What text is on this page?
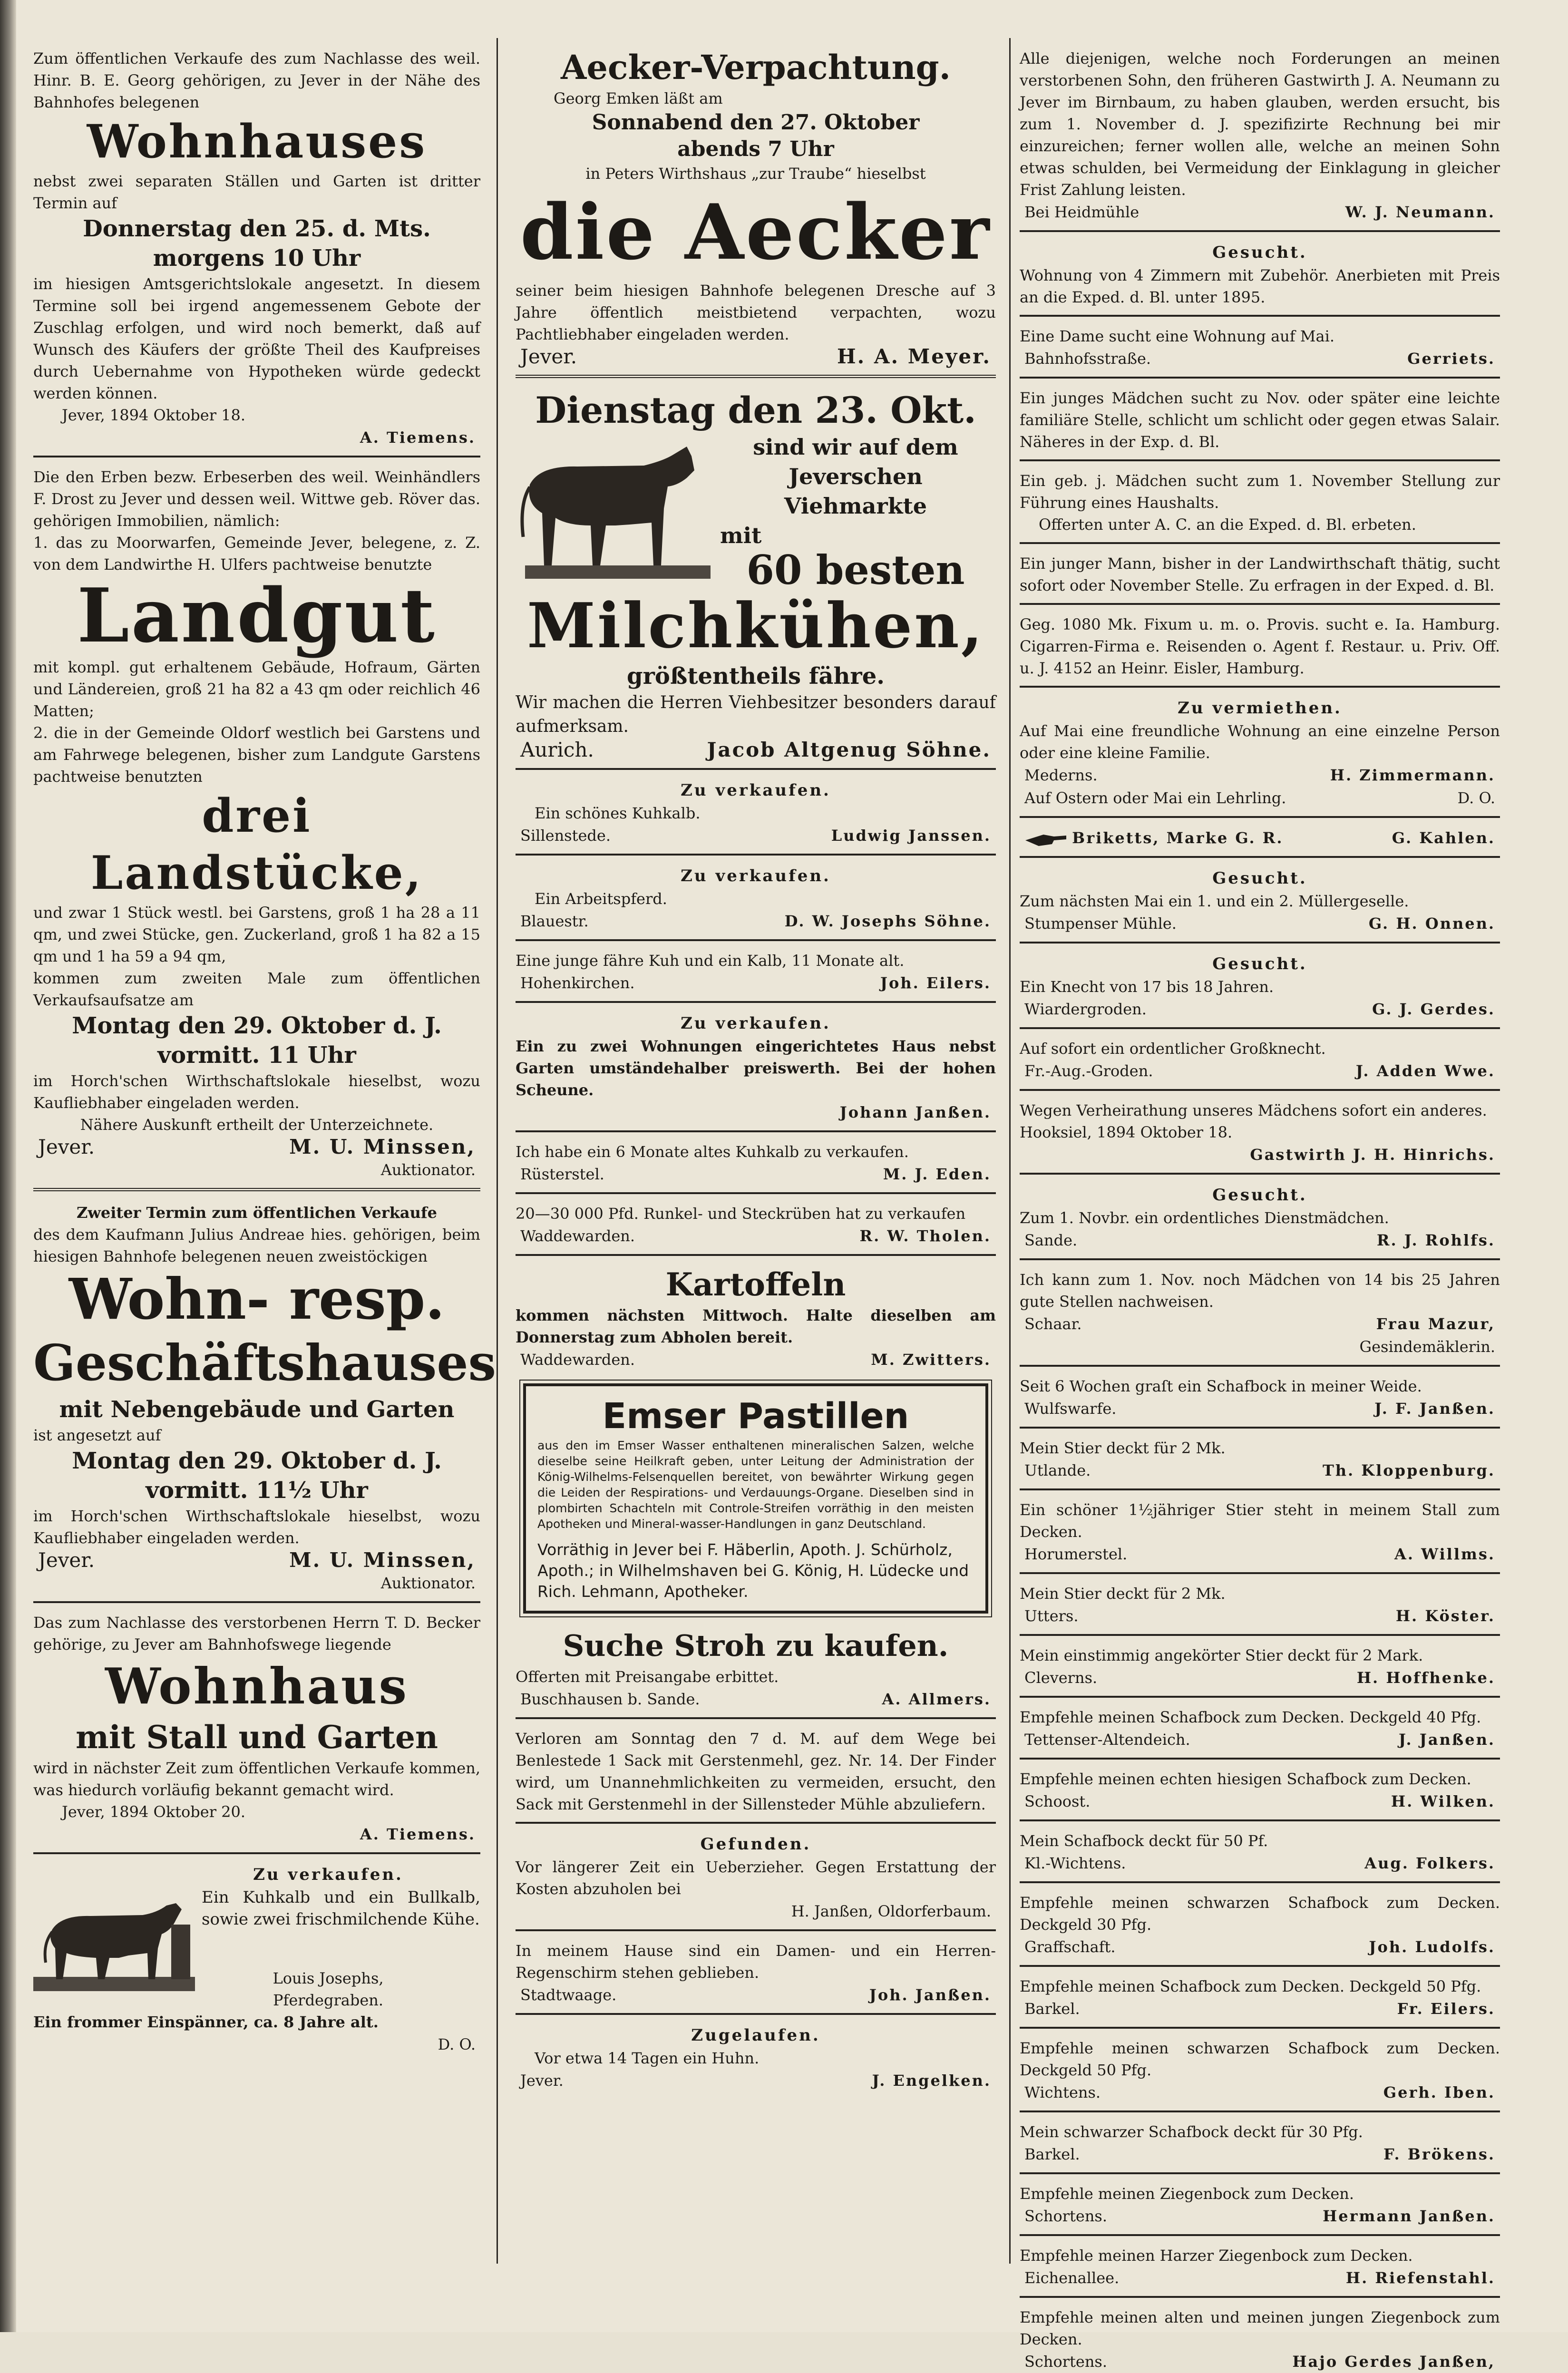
Zum öffentlichen Verkaufe des zum Nachlasse des weil. Hinr. B. E. Georg gehörigen, zu Jever in der Nähe des Bahnhofes belegenen

Wohnhauses

nebst zwei separaten Ställen und Garten ist dritter Termin auf

Donnerstag den 25. d. Mts.

morgens 10 Uhr

im hiesigen Amtsgerichtslokale angesetzt. In diesem Termine soll bei irgend angemessenem Gebote der Zuschlag erfolgen, und wird noch bemerkt, daß auf Wunsch des Käufers der größte Theil des Kaufpreises durch Uebernahme von Hypotheken würde gedeckt werden können.

Jever, 1894 Oktober 18.

A. Tiemens.

Die den Erben bezw. Erbeserben des weil. Weinhändlers F. Drost zu Jever und dessen weil. Wittwe geb. Röver das. gehörigen Immobilien, nämlich:

1. das zu Moorwarfen, Gemeinde Jever, belegene, z. Z. von dem Landwirthe H. Ulfers pachtweise benutzte

Landgut

mit kompl. gut erhaltenem Gebäude, Hofraum, Gärten und Ländereien, groß 21 ha 82 a 43 qm oder reichlich 46 Matten;

2. die in der Gemeinde Oldorf westlich bei Garstens und am Fahrwege belegenen, bisher zum Landgute Garstens pachtweise benutzten

drei Landstücke,

und zwar 1 Stück westl. bei Garstens, groß 1 ha 28 a 11 qm, und zwei Stücke, gen. Zuckerland, groß 1 ha 82 a 15 qm und 1 ha 59 a 94 qm,

kommen zum zweiten Male zum öffentlichen Verkaufsaufsatze am

Montag den 29. Oktober d. J.

vormitt. 11 Uhr

im Horch'schen Wirthschaftslokale hieselbst, wozu Kaufliebhaber eingeladen werden.

Nähere Auskunft ertheilt der Unterzeichnete.

Jever.	M. U. Minssen,
Auktionator.

Zweiter Termin zum öffentlichen Verkaufe

des dem Kaufmann Julius Andreae hies. gehörigen, beim hiesigen Bahnhofe belegenen neuen zweistöckigen

Wohn- resp.

Geschäftshauses

mit Nebengebäude und Garten

ist angesetzt auf

Montag den 29. Oktober d. J.

vormitt. 11½ Uhr

im Horch'schen Wirthschaftslokale hieselbst, wozu Kaufliebhaber eingeladen werden.

Jever.	M. U. Minssen,
Auktionator.

Das zum Nachlasse des verstorbenen Herrn T. D. Becker gehörige, zu Jever am Bahnhofswege liegende

Wohnhaus

mit Stall und Garten

wird in nächster Zeit zum öffentlichen Verkaufe kommen, was hiedurch vorläufig bekannt gemacht wird.

Jever, 1894 Oktober 20.

A. Tiemens.

Zu verkaufen.

Ein Kuhkalb und ein Bullkalb, sowie zwei frischmilchende Kühe.

Louis Josephs,

Pferdegraben.

Ein frommer Einspänner, ca. 8 Jahre alt.

D. O.

Aecker-Verpachtung.

Georg Emken läßt am

Sonnabend den 27. Oktober

abends 7 Uhr

in Peters Wirthshaus „zur Traube“ hieselbst

die Aecker

seiner beim hiesigen Bahnhofe belegenen Dresche auf 3 Jahre öffentlich meistbietend verpachten, wozu Pachtliebhaber eingeladen werden.

Jever.	H. A. Meyer.

Dienstag den 23. Okt.

sind wir auf dem

Jeverschen Viehmarkte

mit

60 besten

Milchkühen,

größtentheils fähre.

Wir machen die Herren Viehbesitzer besonders darauf aufmerksam.

Aurich.	Jacob Altgenug Söhne.

Zu verkaufen.

Ein schönes Kuhkalb.

Sillenstede.	Ludwig Janssen.

Zu verkaufen.

Ein Arbeitspferd.

Blauestr.	D. W. Josephs Söhne.

Eine junge fähre Kuh und ein Kalb, 11 Monate alt.

Hohenkirchen.	Joh. Eilers.

Zu verkaufen.

Ein zu zwei Wohnungen eingerichtetes Haus nebst Garten umständehalber preiswerth. Bei der hohen Scheune.

Johann Janßen.

Ich habe ein 6 Monate altes Kuhkalb zu verkaufen.

Rüsterstel.	M. J. Eden.

20—30 000 Pfd. Runkel- und Steckrüben hat zu verkaufen

Waddewarden.	R. W. Tholen.

Kartoffeln

kommen nächsten Mittwoch. Halte dieselben am Donnerstag zum Abholen bereit.

Waddewarden.	M. Zwitters.
Emser Pastillen

aus den im Emser Wasser enthaltenen mineralischen Salzen, welche dieselbe seine Heilkraft geben, unter Leitung der Administration der König-Wilhelms-Felsenquellen bereitet, von bewährter Wirkung gegen die Leiden der Respirations- und Verdauungs-Organe. Dieselben sind in plombirten Schachteln mit Controle-Streifen vorräthig in den meisten Apotheken und Mineral-wasser-Handlungen in ganz Deutschland.

Vorräthig in Jever bei F. Häberlin, Apoth. J. Schürholz, Apoth.; in Wilhelmshaven bei G. König, H. Lüdecke und Rich. Lehmann, Apotheker.

Suche Stroh zu kaufen.

Offerten mit Preisangabe erbittet.

Buschhausen b. Sande.	A. Allmers.

Verloren am Sonntag den 7 d. M. auf dem Wege bei Benlestede 1 Sack mit Gerstenmehl, gez. Nr. 14. Der Finder wird, um Unannehmlichkeiten zu vermeiden, ersucht, den Sack mit Gerstenmehl in der Sillensteder Mühle abzuliefern.

Gefunden.

Vor längerer Zeit ein Ueberzieher. Gegen Erstattung der Kosten abzuholen bei

H. Janßen, Oldorferbaum.

In meinem Hause sind ein Damen- und ein Herren-Regenschirm stehen geblieben.

Stadtwaage.	Joh. Janßen.

Zugelaufen.

Vor etwa 14 Tagen ein Huhn.

Jever.	J. Engelken.

Alle diejenigen, welche noch Forderungen an meinen verstorbenen Sohn, den früheren Gastwirth J. A. Neumann zu Jever im Birnbaum, zu haben glauben, werden ersucht, bis zum 1. November d. J. spezifizirte Rechnung bei mir einzureichen; ferner wollen alle, welche an meinen Sohn etwas schulden, bei Vermeidung der Einklagung in gleicher Frist Zahlung leisten.

Bei Heidmühle	W. J. Neumann.

Gesucht.

Wohnung von 4 Zimmern mit Zubehör. Anerbieten mit Preis an die Exped. d. Bl. unter 1895.

Eine Dame sucht eine Wohnung auf Mai.

Bahnhofsstraße.	Gerriets.

Ein junges Mädchen sucht zu Nov. oder später eine leichte familiäre Stelle, schlicht um schlicht oder gegen etwas Salair. Näheres in der Exp. d. Bl.

Ein geb. j. Mädchen sucht zum 1. November Stellung zur Führung eines Haushalts.

Offerten unter A. C. an die Exped. d. Bl. erbeten.

Ein junger Mann, bisher in der Landwirthschaft thätig, sucht sofort oder November Stelle. Zu erfragen in der Exped. d. Bl.

Geg. 1080 Mk. Fixum u. m. o. Provis. sucht e. Ia. Hamburg. Cigarren-Firma e. Reisenden o. Agent f. Restaur. u. Priv. Off. u. J. 4152 an Heinr. Eisler, Hamburg.

Zu vermiethen.

Auf Mai eine freundliche Wohnung an eine einzelne Person oder eine kleine Familie.

Mederns.	H. Zimmermann.
Auf Ostern oder Mai ein Lehrling.	D. O.
Briketts, Marke G. R.	G. Kahlen.

Gesucht.

Zum nächsten Mai ein 1. und ein 2. Müllergeselle.

Stumpenser Mühle.	G. H. Onnen.

Gesucht.

Ein Knecht von 17 bis 18 Jahren.

Wiardergroden.	G. J. Gerdes.

Auf sofort ein ordentlicher Großknecht.

Fr.-Aug.-Groden.	J. Adden Wwe.

Wegen Verheirathung unseres Mädchens sofort ein anderes.

Hooksiel, 1894 Oktober 18.

Gastwirth J. H. Hinrichs.

Gesucht.

Zum 1. Novbr. ein ordentliches Dienstmädchen.

Sande.	R. J. Rohlfs.

Ich kann zum 1. Nov. noch Mädchen von 14 bis 25 Jahren gute Stellen nachweisen.

Schaar.	Frau Mazur,
Gesindemäklerin.

Seit 6 Wochen graſt ein Schafbock in meiner Weide.

Wulfswarfe.	J. F. Janßen.

Mein Stier deckt für 2 Mk.

Utlande.	Th. Kloppenburg.

Ein schöner 1½jähriger Stier steht in meinem Stall zum Decken.

Horumerstel.	A. Willms.

Mein Stier deckt für 2 Mk.

Utters.	H. Köster.

Mein einstimmig angekörter Stier deckt für 2 Mark.

Cleverns.	H. Hoffhenke.

Empfehle meinen Schafbock zum Decken. Deckgeld 40 Pfg.

Tettenser-Altendeich.	J. Janßen.

Empfehle meinen echten hiesigen Schafbock zum Decken.

Schoost.	H. Wilken.

Mein Schafbock deckt für 50 Pf.

Kl.-Wichtens.	Aug. Folkers.

Empfehle meinen schwarzen Schafbock zum Decken. Deckgeld 30 Pfg.

Graffschaft.	Joh. Ludolfs.

Empfehle meinen Schafbock zum Decken. Deckgeld 50 Pfg.

Barkel.	Fr. Eilers.

Empfehle meinen schwarzen Schafbock zum Decken. Deckgeld 50 Pfg.

Wichtens.	Gerh. Iben.

Mein schwarzer Schafbock deckt für 30 Pfg.

Barkel.	F. Brökens.

Empfehle meinen Ziegenbock zum Decken.

Schortens.	Hermann Janßen.

Empfehle meinen Harzer Ziegenbock zum Decken.

Eichenallee.	H. Riefenstahl.

Empfehle meinen alten und meinen jungen Ziegenbock zum Decken.

Schortens.	Hajo Gerdes Janßen,
